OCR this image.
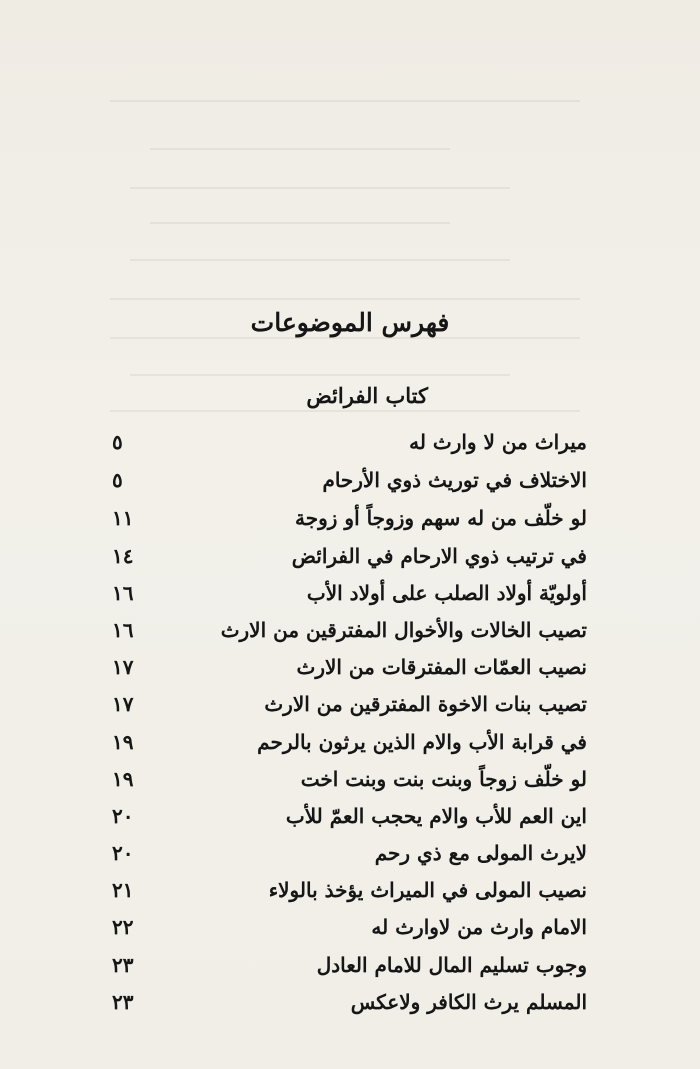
فهرس الموضوعات
كتاب الفرائض
ميراث من لا وارث له
٥
الاختلاف في توريث ذوي الأرحام
٥
لو خلّف من له سهم وزوجاً أو زوجة
١١
في ترتيب ذوي الارحام في الفرائض
١٤
أولويّة أولاد الصلب على أولاد الأب
١٦
تصيب الخالات والأخوال المفترقين من الارث
١٦
نصيب العمّات المفترقات من الارث
١٧
تصيب بنات الاخوة المفترقين من الارث
١٧
في قرابة الأب والام الذين يرثون بالرحم
١٩
لو خلّف زوجاً وبنت بنت وبنت اخت
١٩
اين العم للأب والام يحجب العمّ للأب
٢٠
لايرث المولى مع ذي رحم
٢٠
نصيب المولى في الميراث يؤخذ بالولاء
٢١
الامام وارث من لاوارث له
٢٢
وجوب تسليم المال للامام العادل
٢٣
المسلم يرث الكافر ولاعكس
٢٣
